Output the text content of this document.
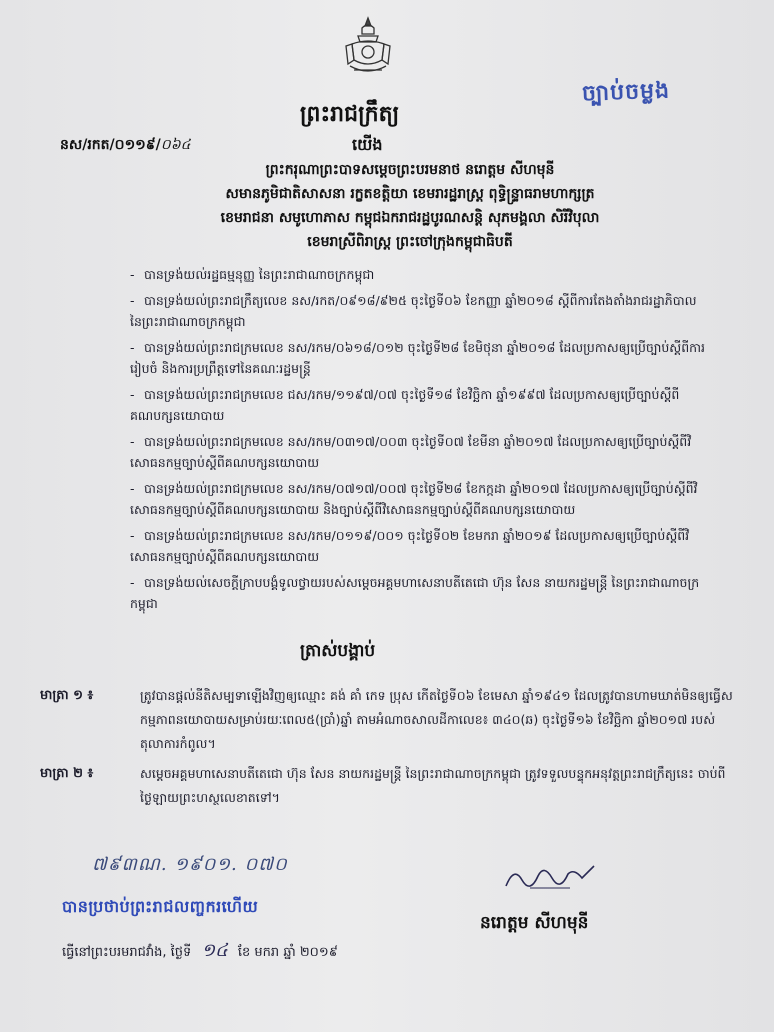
ច្បាប់ចម្លង
ព្រះរាជក្រឹត្យ
នស/រកត/០១១៩/០៦៤	យើង
ព្រះករុណាព្រះបាទសម្តេចព្រះបរមនាថ នរោត្តម សីហមុនី
សមានភូមិជាតិសាសនា រក្ខតខត្តិយា ខេមរារដ្ឋរាស្ត្រ ពុទ្ធិន្ទ្រាធរាមហាក្សត្រ
ខេមរាជនា សមូហោភាស កម្ពុជឯករាជរដ្ឋបូរណសន្តិ សុភមង្គលា សិរីវិបុលា
ខេមរាស្រីពិរាស្ត្រ ព្រះចៅក្រុងកម្ពុជាធិបតី
- បានទ្រង់យល់រដ្ឋធម្មនុញ្ញ នៃព្រះរាជាណាចក្រកម្ពុជា
- បានទ្រង់យល់ព្រះរាជក្រឹត្យលេខ នស/រកត/០៩១៨/៩២៥ ចុះថ្ងៃទី០៦ ខែកញ្ញា ឆ្នាំ២០១៨ ស្តីពីការតែងតាំងរាជរដ្ឋាភិបាល នៃព្រះរាជាណាចក្រកម្ពុជា
- បានទ្រង់យល់ព្រះរាជក្រមលេខ នស/រកម/០៦១៨/០១២ ចុះថ្ងៃទី២៨ ខែមិថុនា ឆ្នាំ២០១៨ ដែលប្រកាសឲ្យប្រើច្បាប់ស្តីពីការរៀបចំ និងការប្រព្រឹត្តទៅនៃគណៈរដ្ឋមន្ត្រី
- បានទ្រង់យល់ព្រះរាជក្រមលេខ ជស/រកម/១១៩៧/០៧ ចុះថ្ងៃទី១៨ ខែវិច្ឆិកា ឆ្នាំ១៩៩៧ ដែលប្រកាសឲ្យប្រើច្បាប់ស្តីពីគណបក្សនយោបាយ
- បានទ្រង់យល់ព្រះរាជក្រមលេខ នស/រកម/០៣១៧/០០៣ ចុះថ្ងៃទី០៧ ខែមីនា ឆ្នាំ២០១៧ ដែលប្រកាសឲ្យប្រើច្បាប់ស្តីពីវិសោធនកម្មច្បាប់ស្តីពីគណបក្សនយោបាយ
- បានទ្រង់យល់ព្រះរាជក្រមលេខ នស/រកម/០៧១៧/០០៧ ចុះថ្ងៃទី២៨ ខែកក្កដា ឆ្នាំ២០១៧ ដែលប្រកាសឲ្យប្រើច្បាប់ស្តីពីវិសោធនកម្មច្បាប់ស្តីពីគណបក្សនយោបាយ និងច្បាប់ស្តីពីវិសោធនកម្មច្បាប់ស្តីពីគណបក្សនយោបាយ
- បានទ្រង់យល់ព្រះរាជក្រមលេខ នស/រកម/០១១៩/០០១ ចុះថ្ងៃទី០២ ខែមករា ឆ្នាំ២០១៩ ដែលប្រកាសឲ្យប្រើច្បាប់ស្តីពីវិសោធនកម្មច្បាប់ស្តីពីគណបក្សនយោបាយ
- បានទ្រង់យល់សេចក្តីក្រាបបង្គំទូលថ្វាយរបស់សម្តេចអគ្គមហាសេនាបតីតេជោ ហ៊ុន សែន នាយករដ្ឋមន្ត្រី នៃព្រះរាជាណាចក្រកម្ពុជា
ត្រាស់បង្គាប់
មាត្រា ១ ៖	ត្រូវបានផ្តល់នីតិសម្បទាឡើងវិញឲ្យឈ្មោះ គង់ គាំ កេទ ប្រុស កើតថ្ងៃទី០៦ ខែមេសា ឆ្នាំ១៩៤១ ដែលត្រូវបានហាមឃាត់មិនឲ្យធ្វើសកម្មភាពនយោបាយសម្រាប់រយៈពេល៥(ប្រាំ)ឆ្នាំ តាមអំណាចសាលដីកាលេខ៖ ៣៤០(ឆ) ចុះថ្ងៃទី១៦ ខែវិច្ឆិកា ឆ្នាំ២០១៧ របស់តុលាការកំពូល។
មាត្រា ២ ៖	សម្តេចអគ្គមហាសេនាបតីតេជោ ហ៊ុន សែន នាយករដ្ឋមន្ត្រី នៃព្រះរាជាណាចក្រកម្ពុជា ត្រូវទទួលបន្ទុកអនុវត្តព្រះរាជក្រឹត្យនេះ ចាប់ពីថ្ងៃឡាយព្រះហស្ថលេខាតទៅ។
៧៩៣ណ. ១៩០១. ០៧០
បានប្រថាប់ព្រះរាជលញ្ចករហើយ
នរោត្តម សីហមុនី
ធ្វើនៅព្រះបរមរាជវាំង, ថ្ងៃទី ១៤ ខែ មករា ឆ្នាំ ២០១៩
